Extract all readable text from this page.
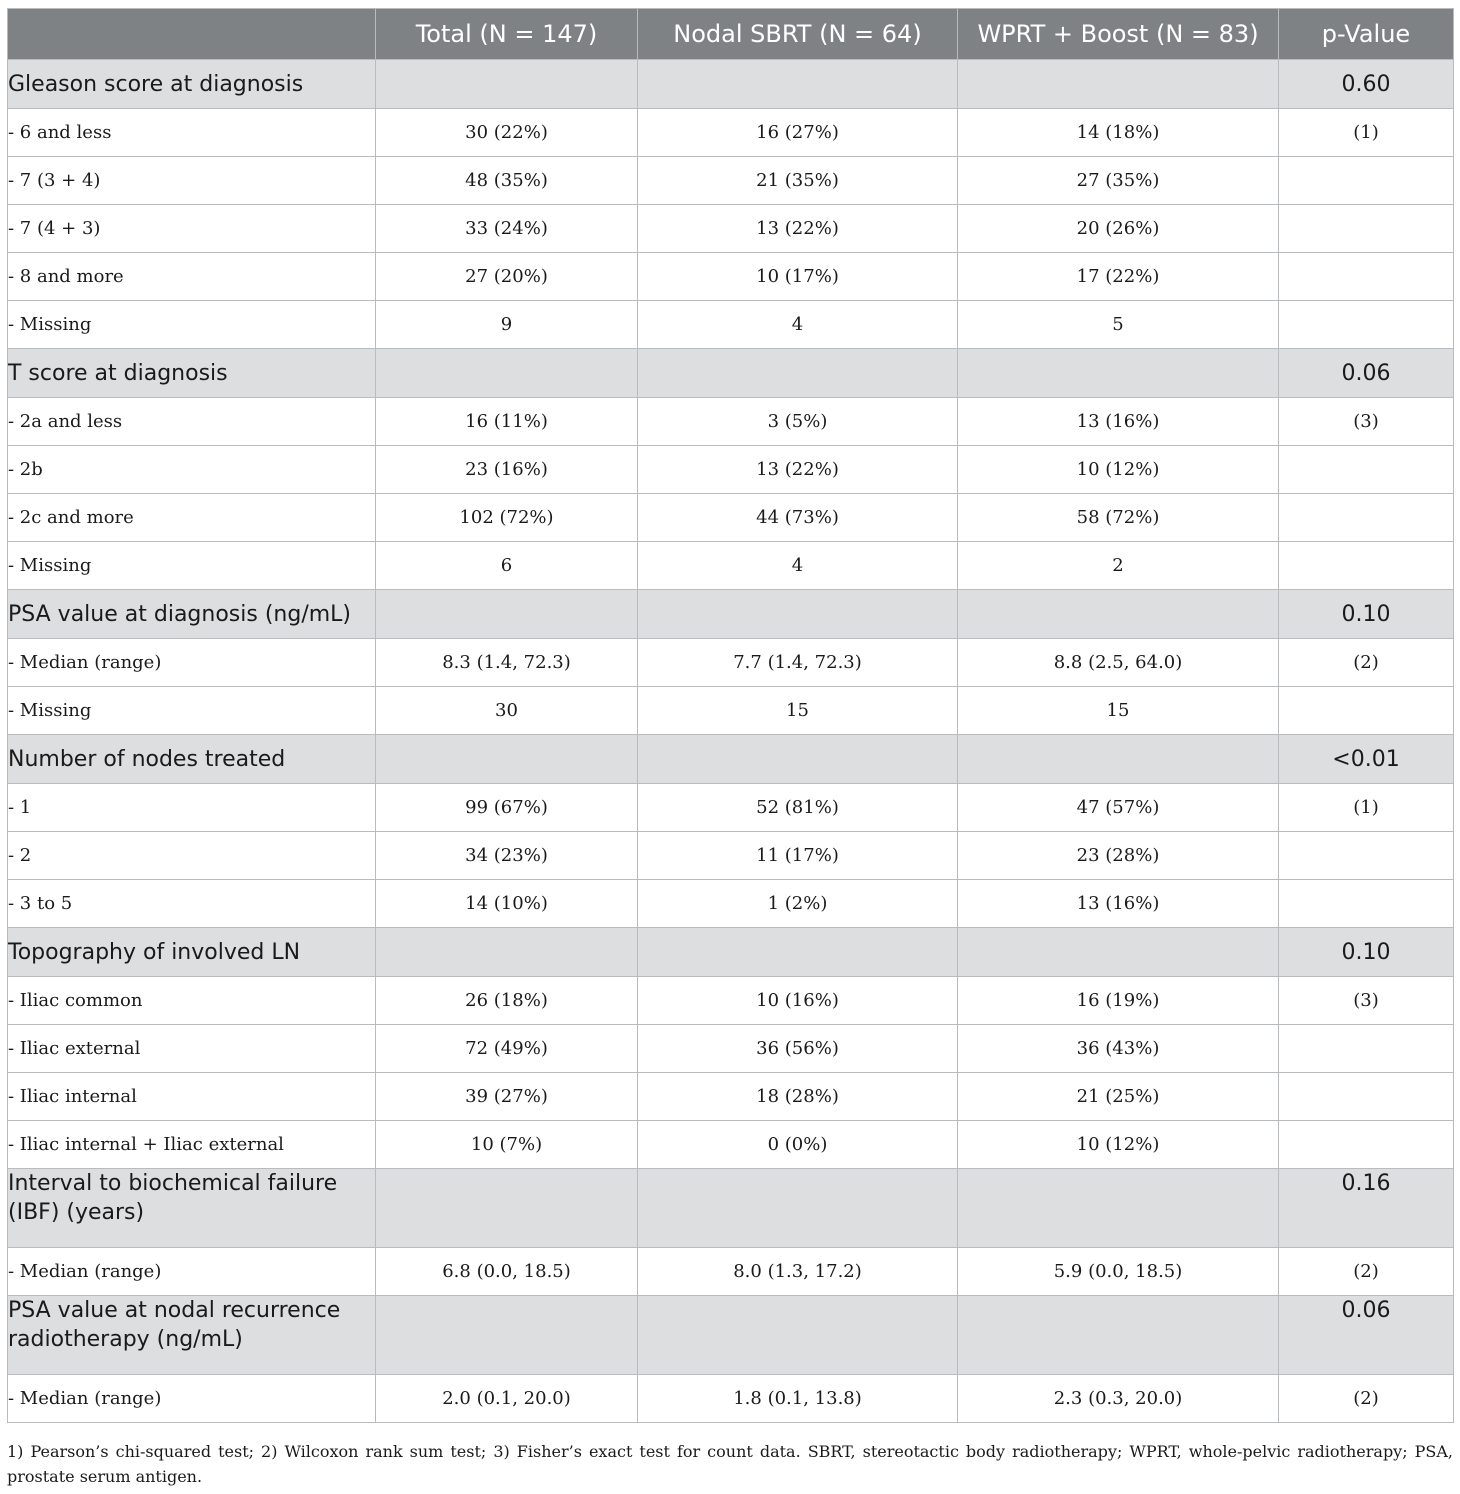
	Total (N = 147)	Nodal SBRT (N = 64)	WPRT + Boost (N = 83)	p-Value
Gleason score at diagnosis				0.60
- 6 and less	30 (22%)	16 (27%)	14 (18%)	(1)
- 7 (3 + 4)	48 (35%)	21 (35%)	27 (35%)	
- 7 (4 + 3)	33 (24%)	13 (22%)	20 (26%)	
- 8 and more	27 (20%)	10 (17%)	17 (22%)	
- Missing	9	4	5	
T score at diagnosis				0.06
- 2a and less	16 (11%)	3 (5%)	13 (16%)	(3)
- 2b	23 (16%)	13 (22%)	10 (12%)	
- 2c and more	102 (72%)	44 (73%)	58 (72%)	
- Missing	6	4	2	
PSA value at diagnosis (ng/mL)				0.10
- Median (range)	8.3 (1.4, 72.3)	7.7 (1.4, 72.3)	8.8 (2.5, 64.0)	(2)
- Missing	30	15	15	
Number of nodes treated				<0.01
- 1	99 (67%)	52 (81%)	47 (57%)	(1)
- 2	34 (23%)	11 (17%)	23 (28%)	
- 3 to 5	14 (10%)	1 (2%)	13 (16%)	
Topography of involved LN				0.10
- Iliac common	26 (18%)	10 (16%)	16 (19%)	(3)
- Iliac external	72 (49%)	36 (56%)	36 (43%)	
- Iliac internal	39 (27%)	18 (28%)	21 (25%)	
- Iliac internal + Iliac external	10 (7%)	0 (0%)	10 (12%)	
Interval to biochemical failure (IBF) (years)				0.16
- Median (range)	6.8 (0.0, 18.5)	8.0 (1.3, 17.2)	5.9 (0.0, 18.5)	(2)
PSA value at nodal recurrence radiotherapy (ng/mL)				0.06
- Median (range)	2.0 (0.1, 20.0)	1.8 (0.1, 13.8)	2.3 (0.3, 20.0)	(2)

1) Pearson’s chi-squared test; 2) Wilcoxon rank sum test; 3) Fisher’s exact test for count data. SBRT, stereotactic body radiotherapy; WPRT, whole-pelvic radiotherapy; PSA, prostate serum antigen.
